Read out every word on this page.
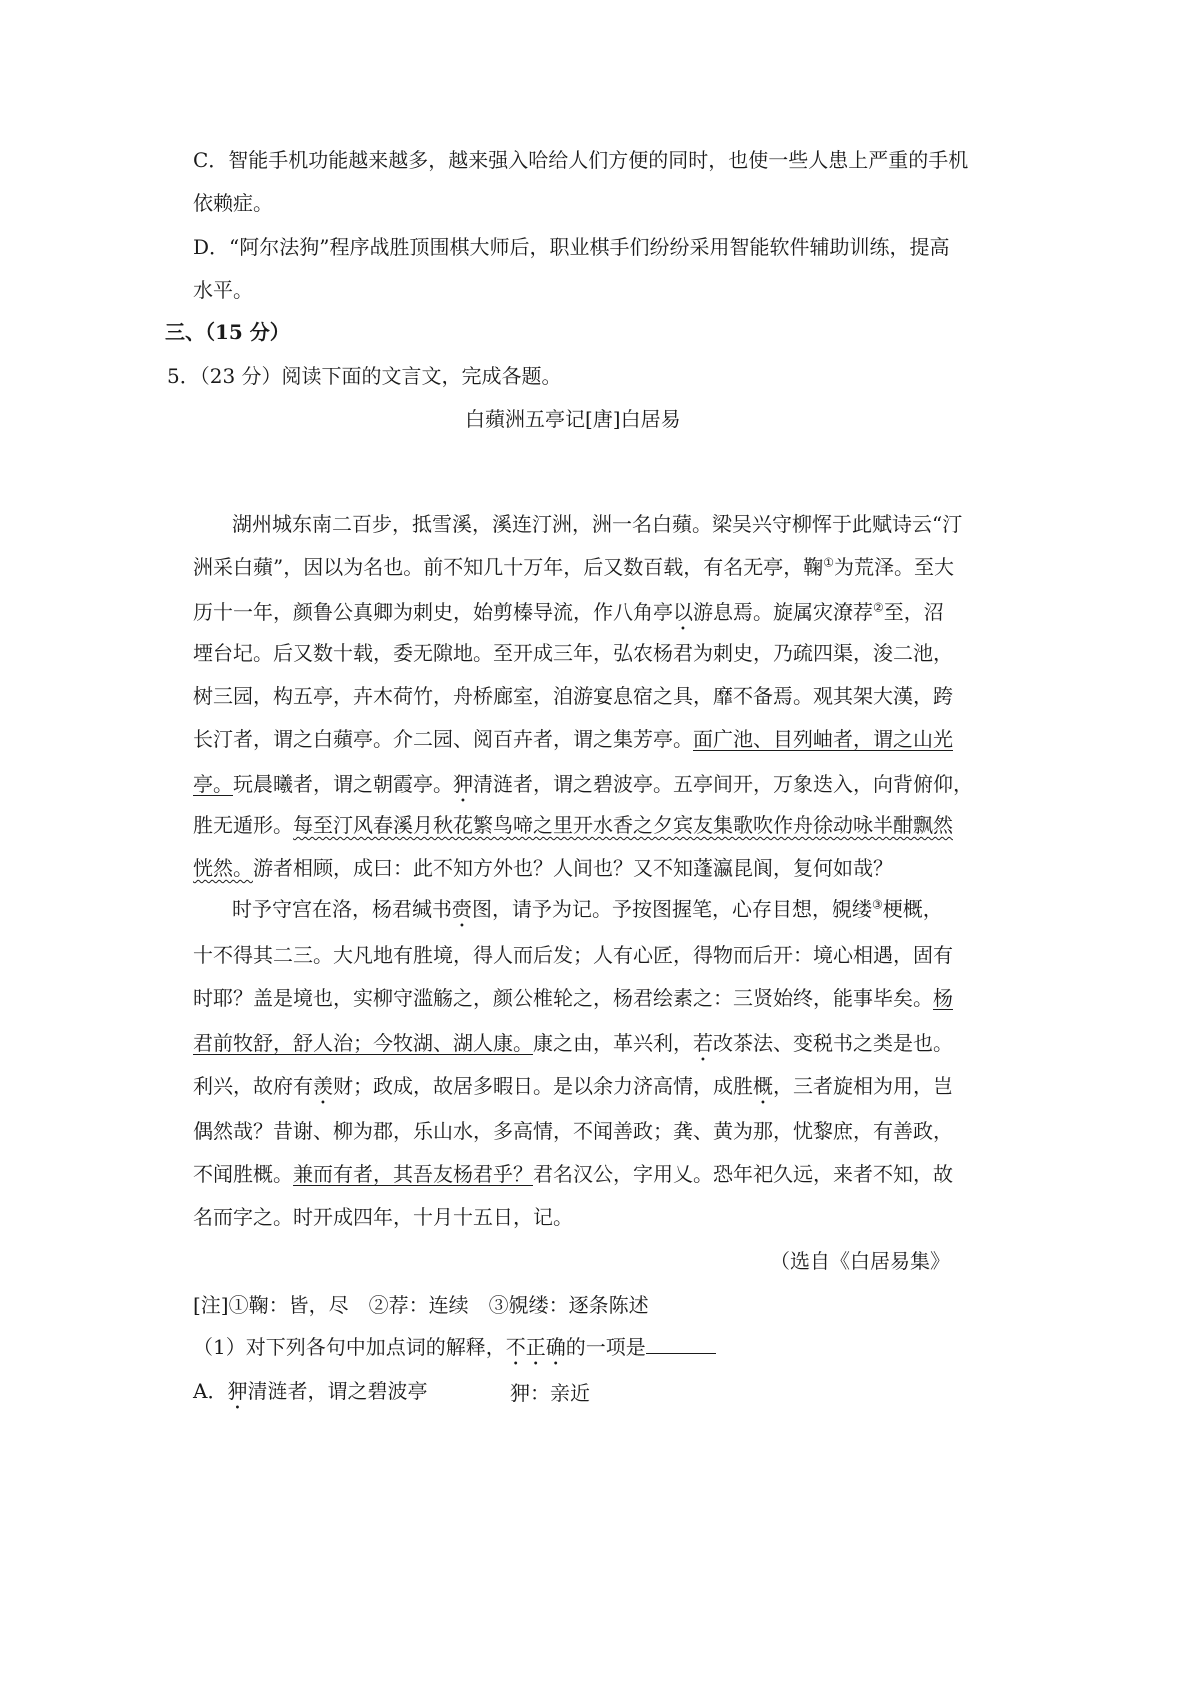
C．智能手机功能越来越多，越来强入哈给人们方便的同时，也使一些人患上严重的手机
依赖症。
D．“阿尔法狗”程序战胜顶围棋大师后，职业棋手们纷纷采用智能软件辅助训练，提高
水平。
三、（15 分）
5．（23 分）阅读下面的文言文，完成各题。
白蘋洲五亭记[唐]白居易
湖州城东南二百步，抵雪溪，溪连汀洲，洲一名白蘋。梁吴兴守柳恽于此赋诗云“汀
洲采白蘋”，因以为名也。前不知几十万年，后又数百载，有名无亭，鞠①为荒泽。至大
历十一年，颜鲁公真卿为刺史，始剪榛导流，作八角亭以游息焉。旋属灾潦荐②至，沼
堙台圮。后又数十载，委无隙地。至开成三年，弘农杨君为刺史，乃疏四渠，浚二池，
树三园，构五亭，卉木荷竹，舟桥廊室，洎游宴息宿之具，靡不备焉。观其架大漢，跨
长汀者，谓之白蘋亭。介二园、阅百卉者，谓之集芳亭。面广池、目列岫者，谓之山光
亭。玩晨曦者，谓之朝霞亭。狎清涟者，谓之碧波亭。五亭间开，万象迭入，向背俯仰，
胜无遁形。每至汀风春溪月秋花繁鸟啼之里开水香之夕宾友集歌吹作舟徐动咏半酣飘然
恍然。游者相顾，成曰：此不知方外也？人间也？又不知蓬瀛昆阆，复何如哉？
时予守宫在洛，杨君缄书赍图，请予为记。予按图握笔，心存目想，覙缕③梗概，
十不得其二三。大凡地有胜境，得人而后发；人有心匠，得物而后开：境心相遇，固有
时耶？盖是境也，实柳守滥觞之，颜公椎轮之，杨君绘素之：三贤始终，能事毕矣。杨
君前牧舒，舒人治；今牧湖、湖人康。康之由，革兴利，若改茶法、变税书之类是也。
利兴，故府有羡财；政成，故居多暇日。是以余力济高情，成胜概，三者旋相为用，岂
偶然哉？昔谢、柳为郡，乐山水，多高情，不闻善政；龚、黄为那，忧黎庶，有善政，
不闻胜概。兼而有者，其吾友杨君乎？君名汉公，字用乂。恐年祀久远，来者不知，故
名而字之。时开成四年，十月十五日，记。
（选自《白居易集》
[注]①鞠：皆，尽　②荐：连续　③覙缕：逐条陈述
（1）对下列各句中加点词的解释，不正确的一项是
A．狎清涟者，谓之碧波亭	狎：亲近
